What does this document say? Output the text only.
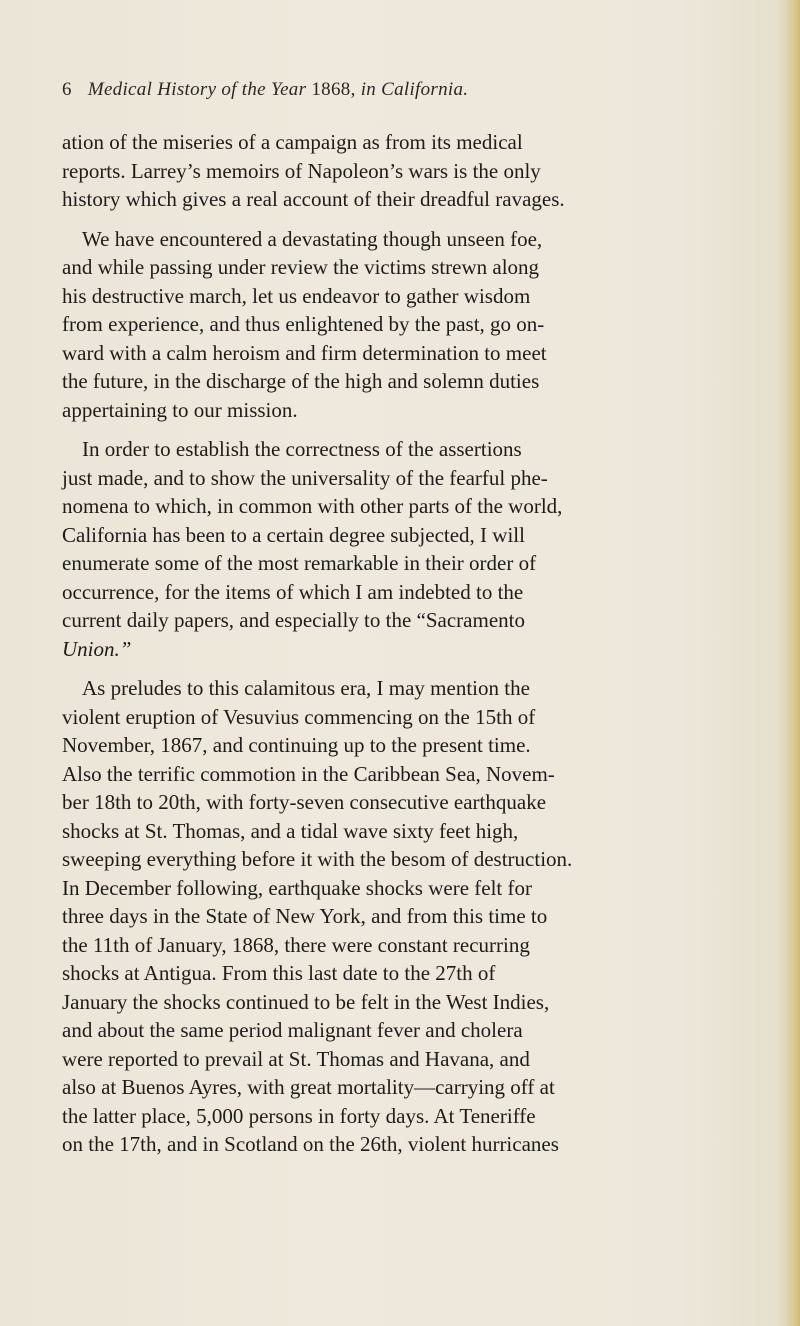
6 Medical History of the Year 1868, in California.

ation of the miseries of a campaign as from its medical
reports. Larrey’s memoirs of Napoleon’s wars is the only
history which gives a real account of their dreadful ravages.

We have encountered a devastating though unseen foe,
and while passing under review the victims strewn along
his destructive march, let us endeavor to gather wisdom
from experience, and thus enlightened by the past, go on-
ward with a calm heroism and firm determination to meet
the future, in the discharge of the high and solemn duties
appertaining to our mission.

In order to establish the correctness of the assertions
just made, and to show the universality of the fearful phe-
nomena to which, in common with other parts of the world,
California has been to a certain degree subjected, I will
enumerate some of the most remarkable in their order of
occurrence, for the items of which I am indebted to the
current daily papers, and especially to the “Sacramento
Union.”

As preludes to this calamitous era, I may mention the
violent eruption of Vesuvius commencing on the 15th of
November, 1867, and continuing up to the present time.
Also the terrific commotion in the Caribbean Sea, Novem-
ber 18th to 20th, with forty-seven consecutive earthquake
shocks at St. Thomas, and a tidal wave sixty feet high,
sweeping everything before it with the besom of destruction.
In December following, earthquake shocks were felt for
three days in the State of New York, and from this time to
the 11th of January, 1868, there were constant recurring
shocks at Antigua. From this last date to the 27th of
January the shocks continued to be felt in the West Indies,
and about the same period malignant fever and cholera
were reported to prevail at St. Thomas and Havana, and
also at Buenos Ayres, with great mortality—carrying off at
the latter place, 5,000 persons in forty days. At Teneriffe
on the 17th, and in Scotland on the 26th, violent hurricanes
